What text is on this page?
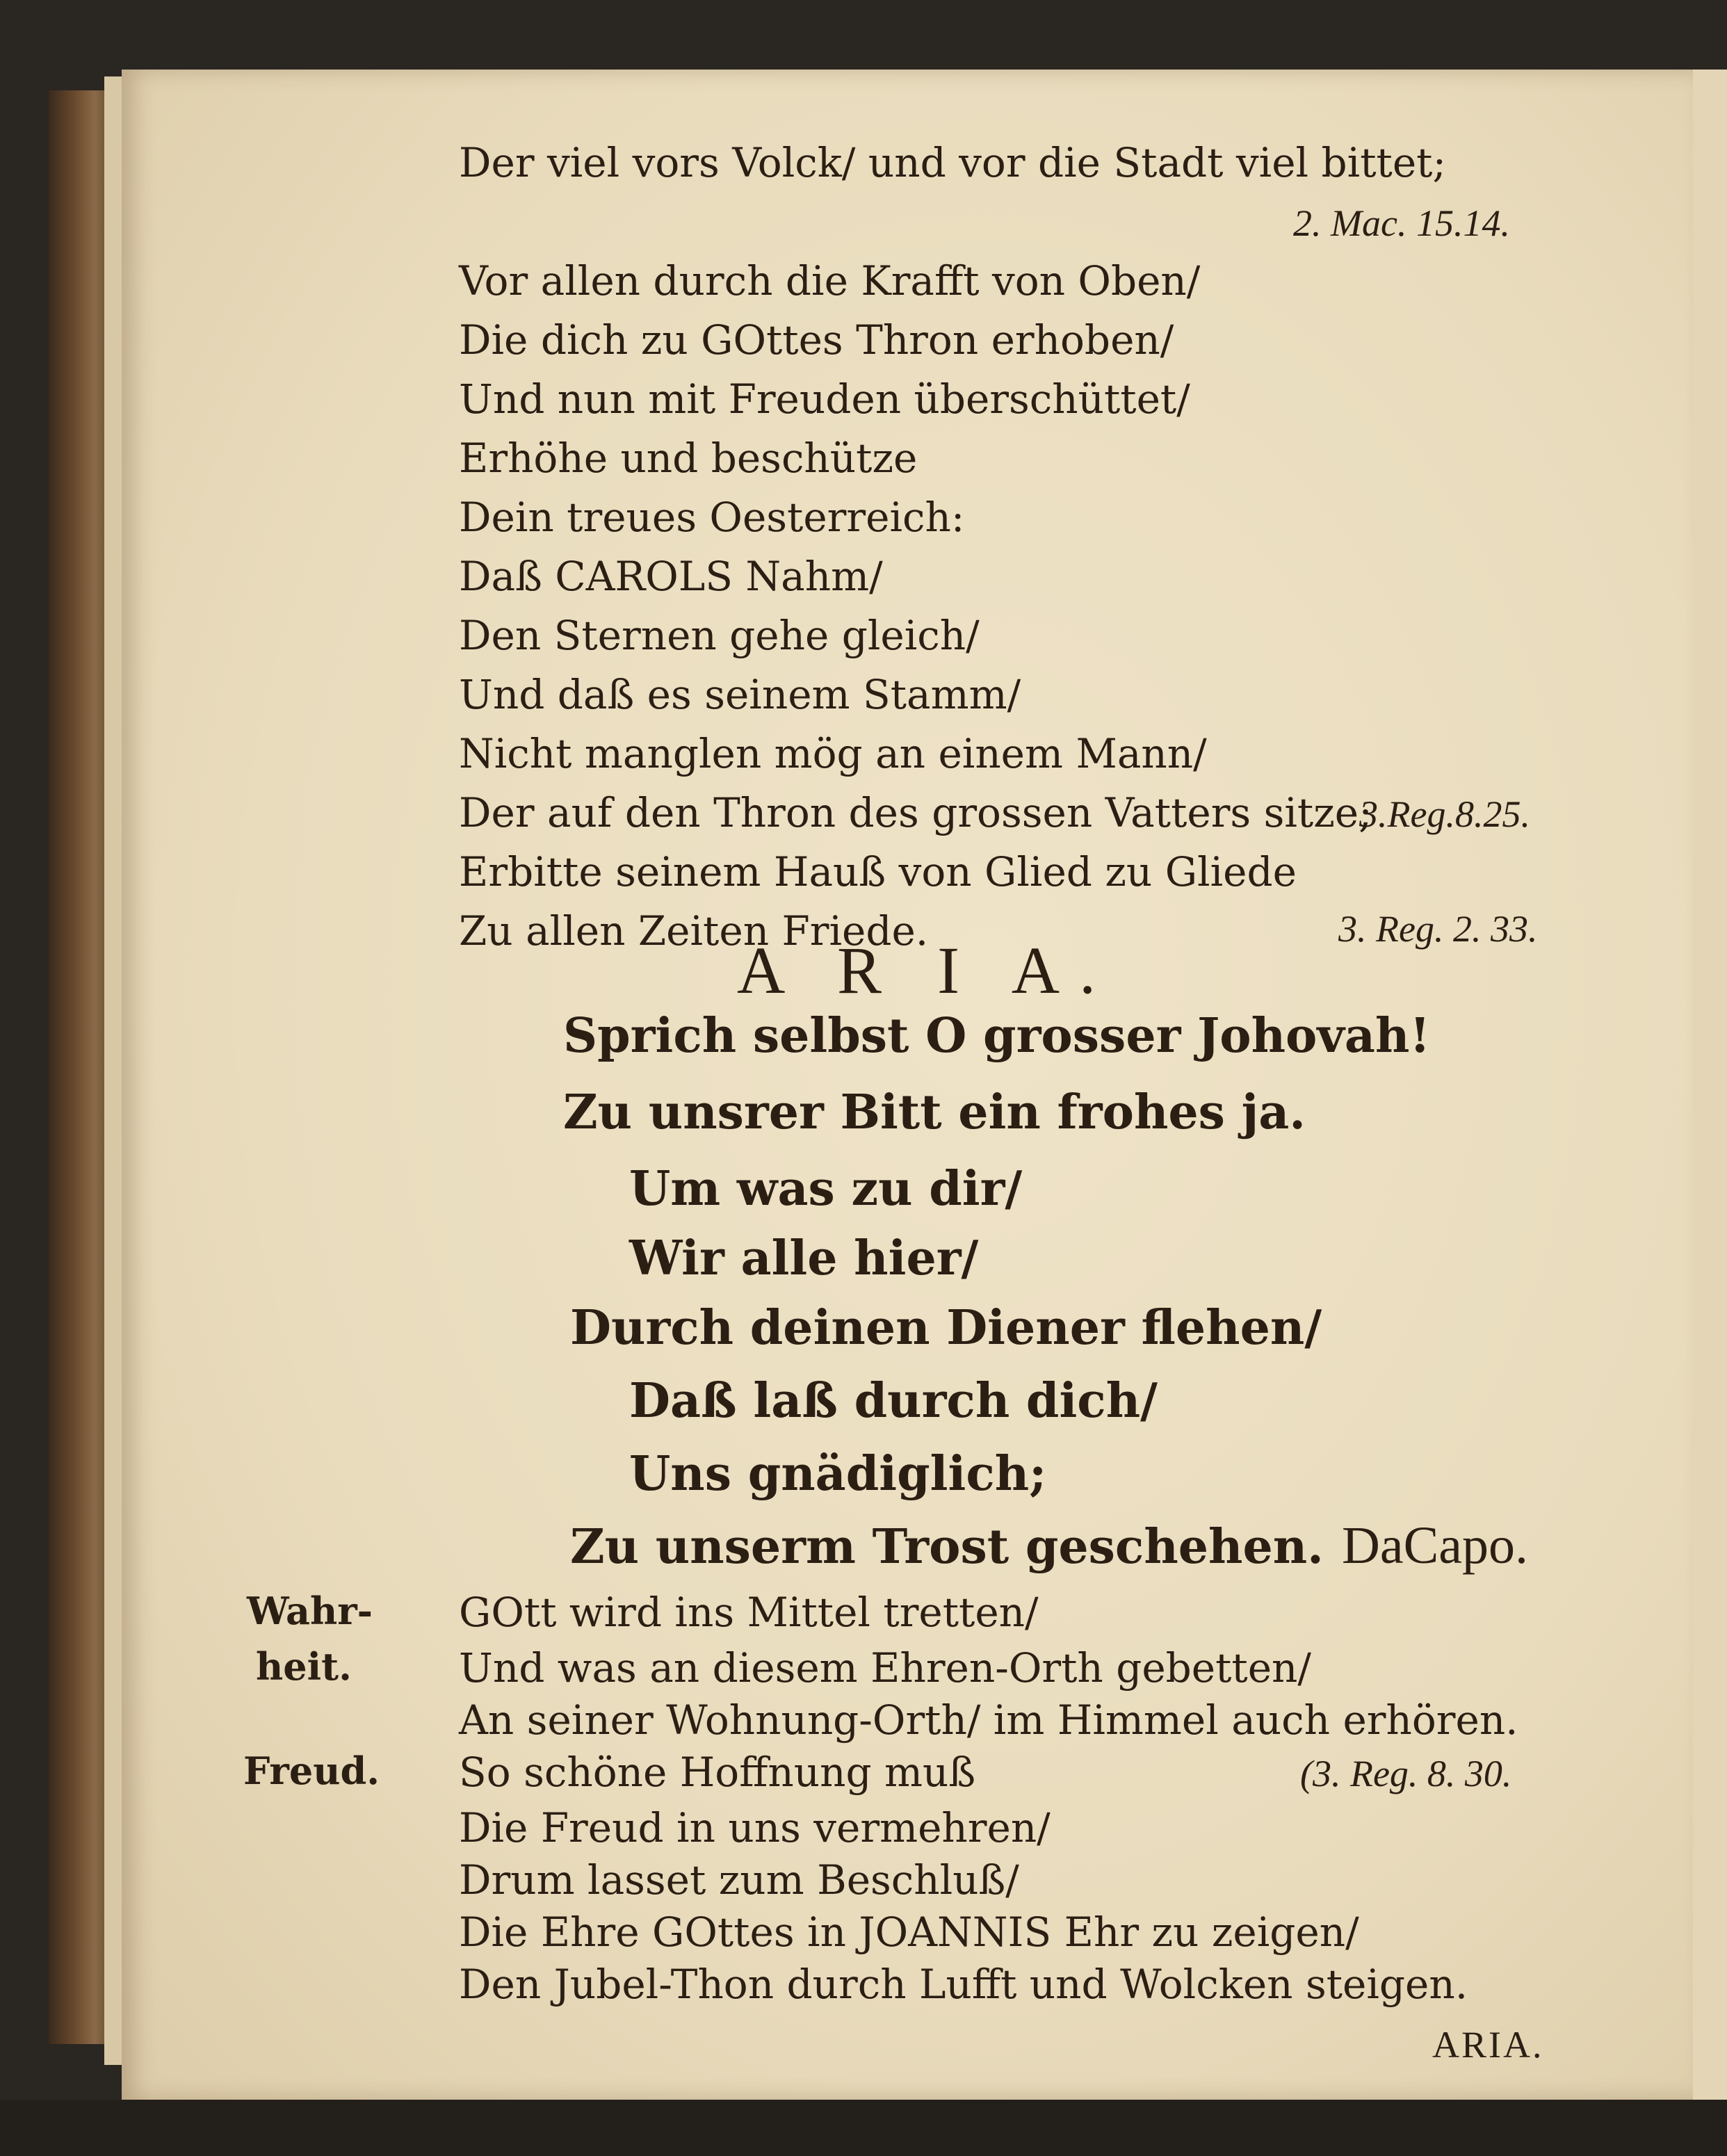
Der viel vors Volck/ und vor die Stadt viel bittet;
2. Mac. 15.14.
Vor allen durch die Krafft von Oben/
Die dich zu GOttes Thron erhoben/
Und nun mit Freuden überschüttet/
Erhöhe und beschütze
Dein treues Oesterreich:
Daß CAROLS Nahm/
Den Sternen gehe gleich/
Und daß es seinem Stamm/
Nicht manglen mög an einem Mann/
Der auf den Thron des grossen Vatters sitze;
3.Reg.8.25.
Erbitte seinem Hauß von Glied zu Gliede
Zu allen Zeiten Friede.	3. Reg. 2. 33.
A R I A.
Sprich selbst O grosser Johovah!
Zu unsrer Bitt ein frohes ja.
Um was zu dir/
Wir alle hier/
Durch deinen Diener flehen/
Daß laß durch dich/
Uns gnädiglich;
Zu unserm Trost geschehen. DaCapo.
Wahr-
heit.
Freud.
GOtt wird ins Mittel tretten/
Und was an diesem Ehren-Orth gebetten/
An seiner Wohnung-Orth/ im Himmel auch erhören.
So schöne Hoffnung muß	(3. Reg. 8. 30.
Die Freud in uns vermehren/
Drum lasset zum Beschluß/
Die Ehre GOttes in JOANNIS Ehr zu zeigen/
Den Jubel-Thon durch Lufft und Wolcken steigen.
ARIA.
